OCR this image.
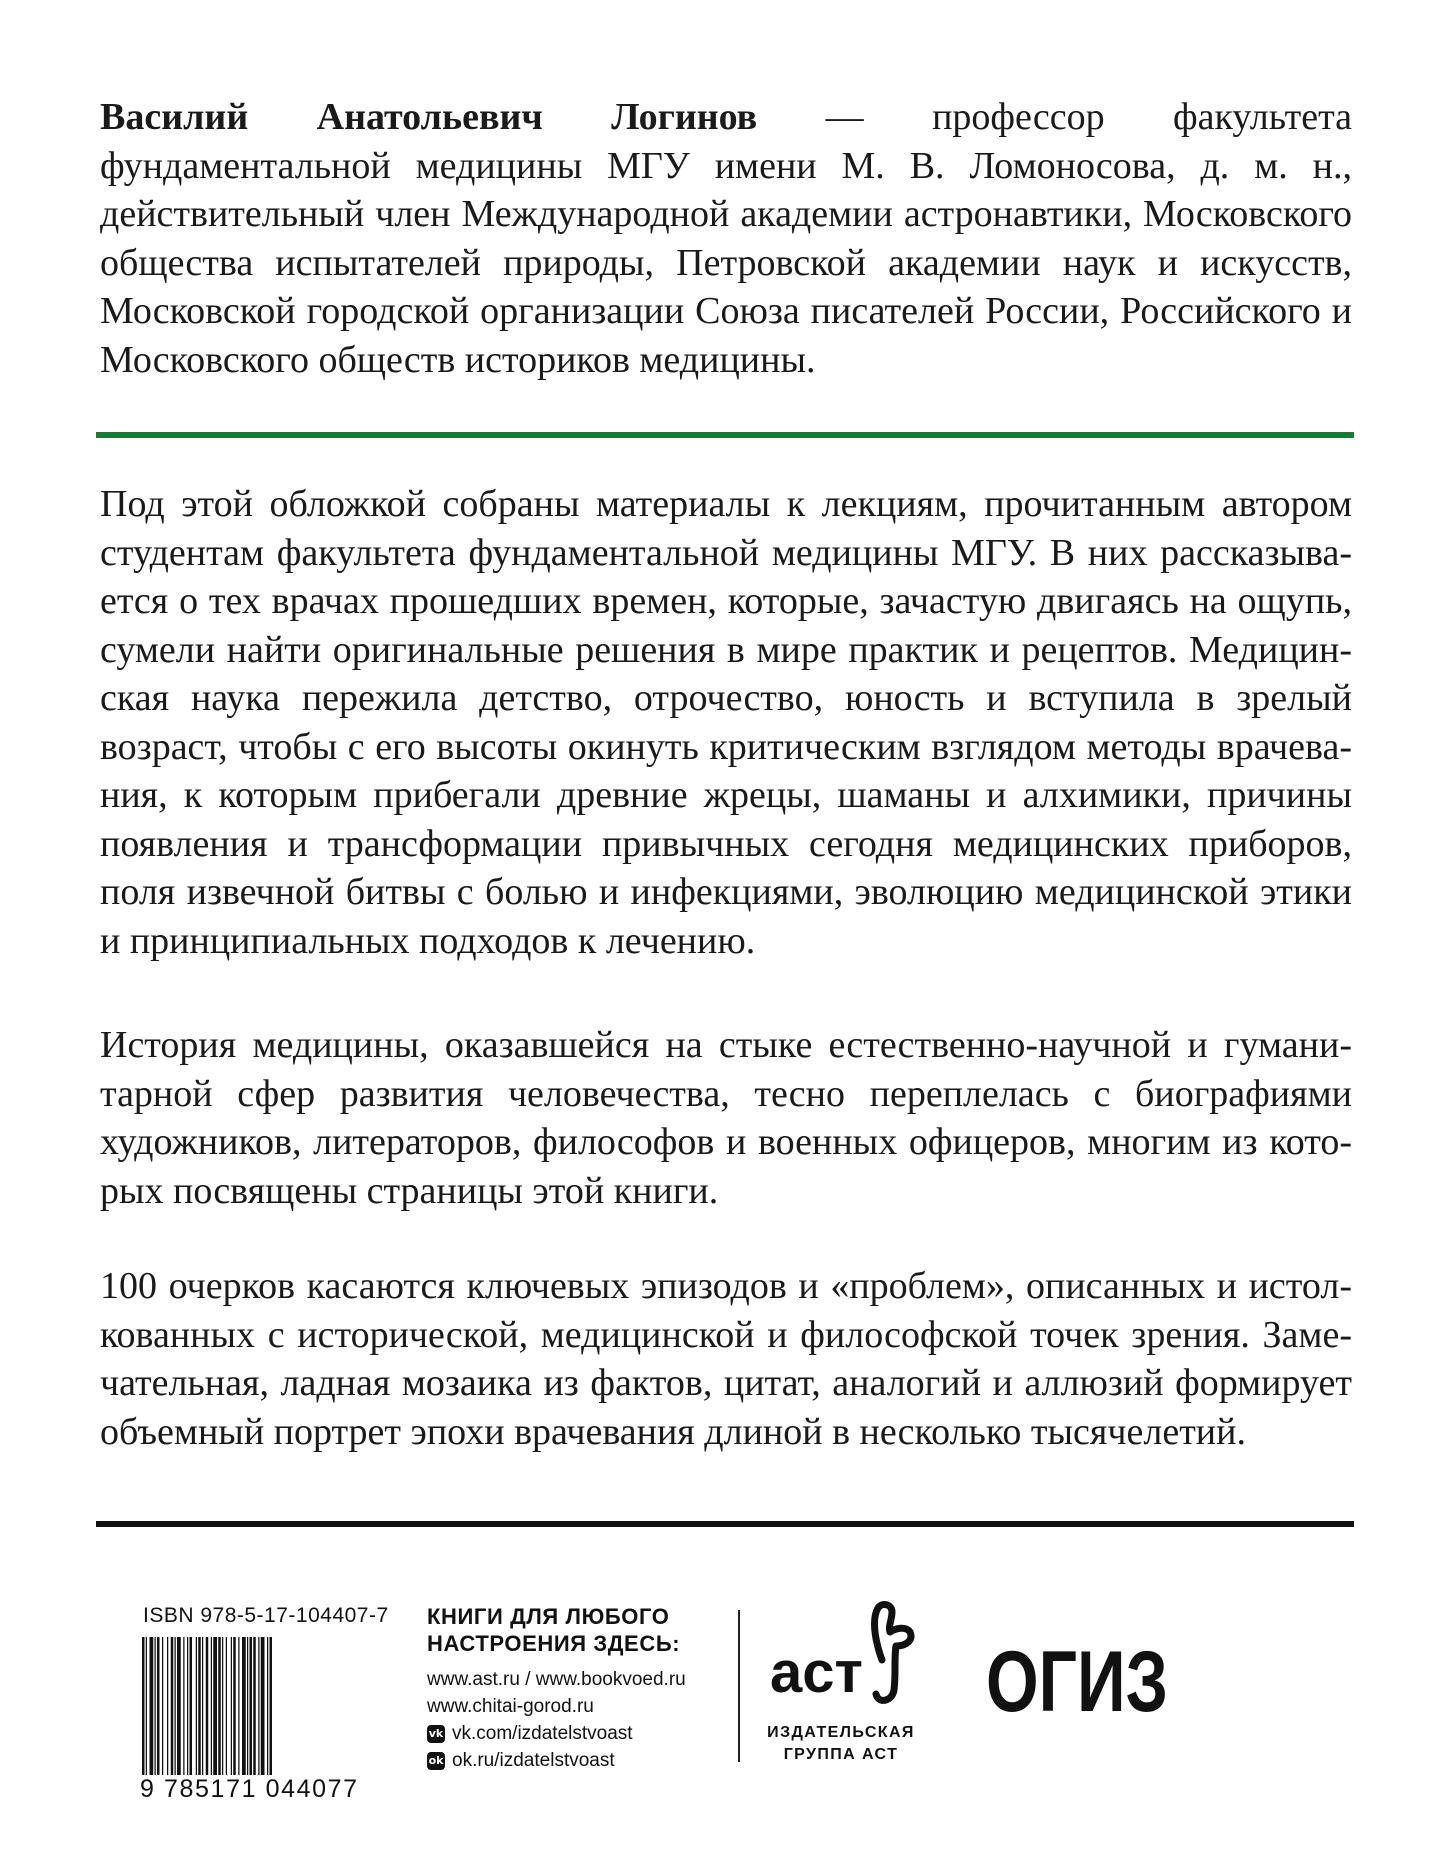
Василий Анатольевич Логинов — профессор факультета фундаментальной медицины МГУ имени М. В. Ломоносова, д. м. н., действительный член Международной академии астронавтики, Московского общества испытателей природы, Петровской академии наук и искусств, Московской городской организации Союза писателей России, Российского и Московского обществ историков медицины.
Под этой обложкой собраны материалы к лекциям, прочитанным автором студентам факультета фундаментальной медицины МГУ. В них рассказывается о тех врачах прошедших времен, которые, зачастую двигаясь на ощупь, сумели найти оригинальные решения в мире практик и рецептов. Медицинская наука пережила детство, отрочество, юность и вступила в зрелый возраст, чтобы с его высоты окинуть критическим взглядом методы врачевания, к которым прибегали древние жрецы, шаманы и алхимики, причины появления и трансформации привычных сегодня медицинских приборов, поля извечной битвы с болью и инфекциями, эволюцию медицинской этики и принципиальных подходов к лечению.
История медицины, оказавшейся на стыке естественно-научной и гуманитарной сфер развития человечества, тесно переплелась с биографиями художников, литераторов, философов и военных офицеров, многим из которых посвящены страницы этой книги.
100 очерков касаются ключевых эпизодов и «проблем», описанных и истолкованных с исторической, медицинской и философской точек зрения. Замечательная, ладная мозаика из фактов, цитат, аналогий и аллюзий формирует объемный портрет эпохи врачевания длиной в несколько тысячелетий.
ISBN 978-5-17-104407-7
9 785171 044077
КНИГИ ДЛЯ ЛЮБОГО
НАСТРОЕНИЯ ЗДЕСЬ:
www.ast.ru / www.bookvoed.ru
www.chitai-gorod.ru
vk vk.com/izdatelstvoast
ok ok.ru/izdatelstvoast
аст
ИЗДАТЕЛЬСКАЯ
ГРУППА АСТ
ОГИЗ
